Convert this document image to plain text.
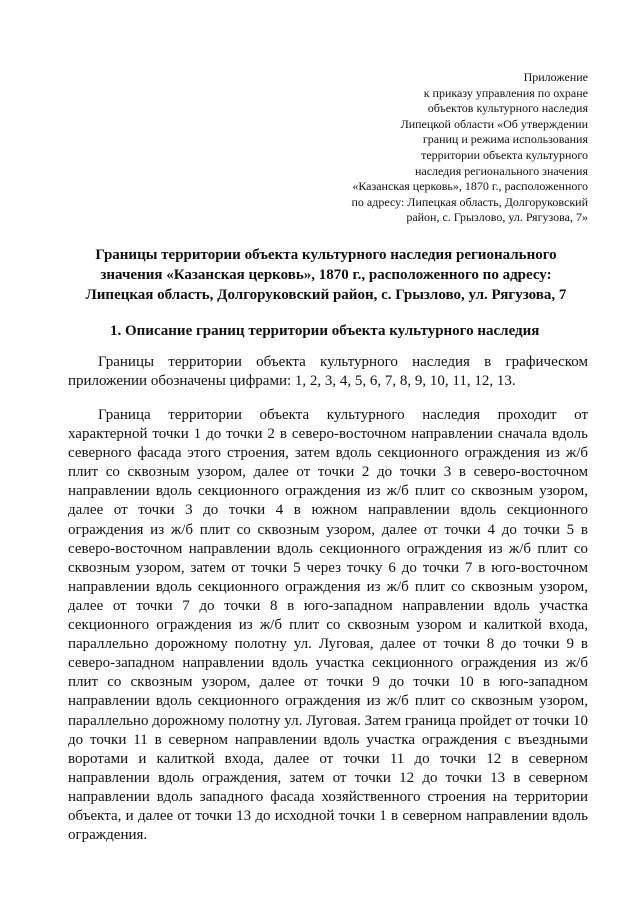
Приложение
к приказу управления по охране
объектов культурного наследия
Липецкой области «Об утверждении
границ и режима использования
территории объекта культурного
наследия регионального значения
«Казанская церковь», 1870 г., расположенного
по адресу: Липецкая область, Долгоруковский
район, с. Грызлово, ул. Рягузова, 7»
Границы территории объекта культурного наследия регионального
значения «Казанская церковь», 1870 г., расположенного по адресу:
Липецкая область, Долгоруковский район, с. Грызлово, ул. Рягузова, 7
1. Описание границ территории объекта культурного наследия

Границы территории объекта культурного наследия в графическом приложении обозначены цифрами: 1, 2, 3, 4, 5, 6, 7, 8, 9, 10, 11, 12, 13.

Граница территории объекта культурного наследия проходит от характерной точки 1 до точки 2 в северо-восточном направлении сначала вдоль северного фасада этого строения, затем вдоль секционного ограждения из ж/б плит со сквозным узором, далее от точки 2 до точки 3 в северо-восточном направлении вдоль секционного ограждения из ж/б плит со сквозным узором, далее от точки 3 до точки 4 в южном направлении вдоль секционного ограждения из ж/б плит со сквозным узором, далее от точки 4 до точки 5 в северо-восточном направлении вдоль секционного ограждения из ж/б плит со сквозным узором, затем от точки 5 через точку 6 до точки 7 в юго-восточном направлении вдоль секционного ограждения из ж/б плит со сквозным узором, далее от точки 7 до точки 8 в юго-западном направлении вдоль участка секционного ограждения из ж/б плит со сквозным узором и калиткой входа, параллельно дорожному полотну ул. Луговая, далее от точки 8 до точки 9 в северо-западном направлении вдоль участка секционного ограждения из ж/б плит со сквозным узором, далее от точки 9 до точки 10 в юго-западном направлении вдоль секционного ограждения из ж/б плит со сквозным узором, параллельно дорожному полотну ул. Луговая. Затем граница пройдет от точки 10 до точки 11 в северном направлении вдоль участка ограждения с въездными воротами и калиткой входа, далее от точки 11 до точки 12 в северном направлении вдоль ограждения, затем от точки 12 до точки 13 в северном направлении вдоль западного фасада хозяйственного строения на территории объекта, и далее от точки 13 до исходной точки 1 в северном направлении вдоль ограждения.
